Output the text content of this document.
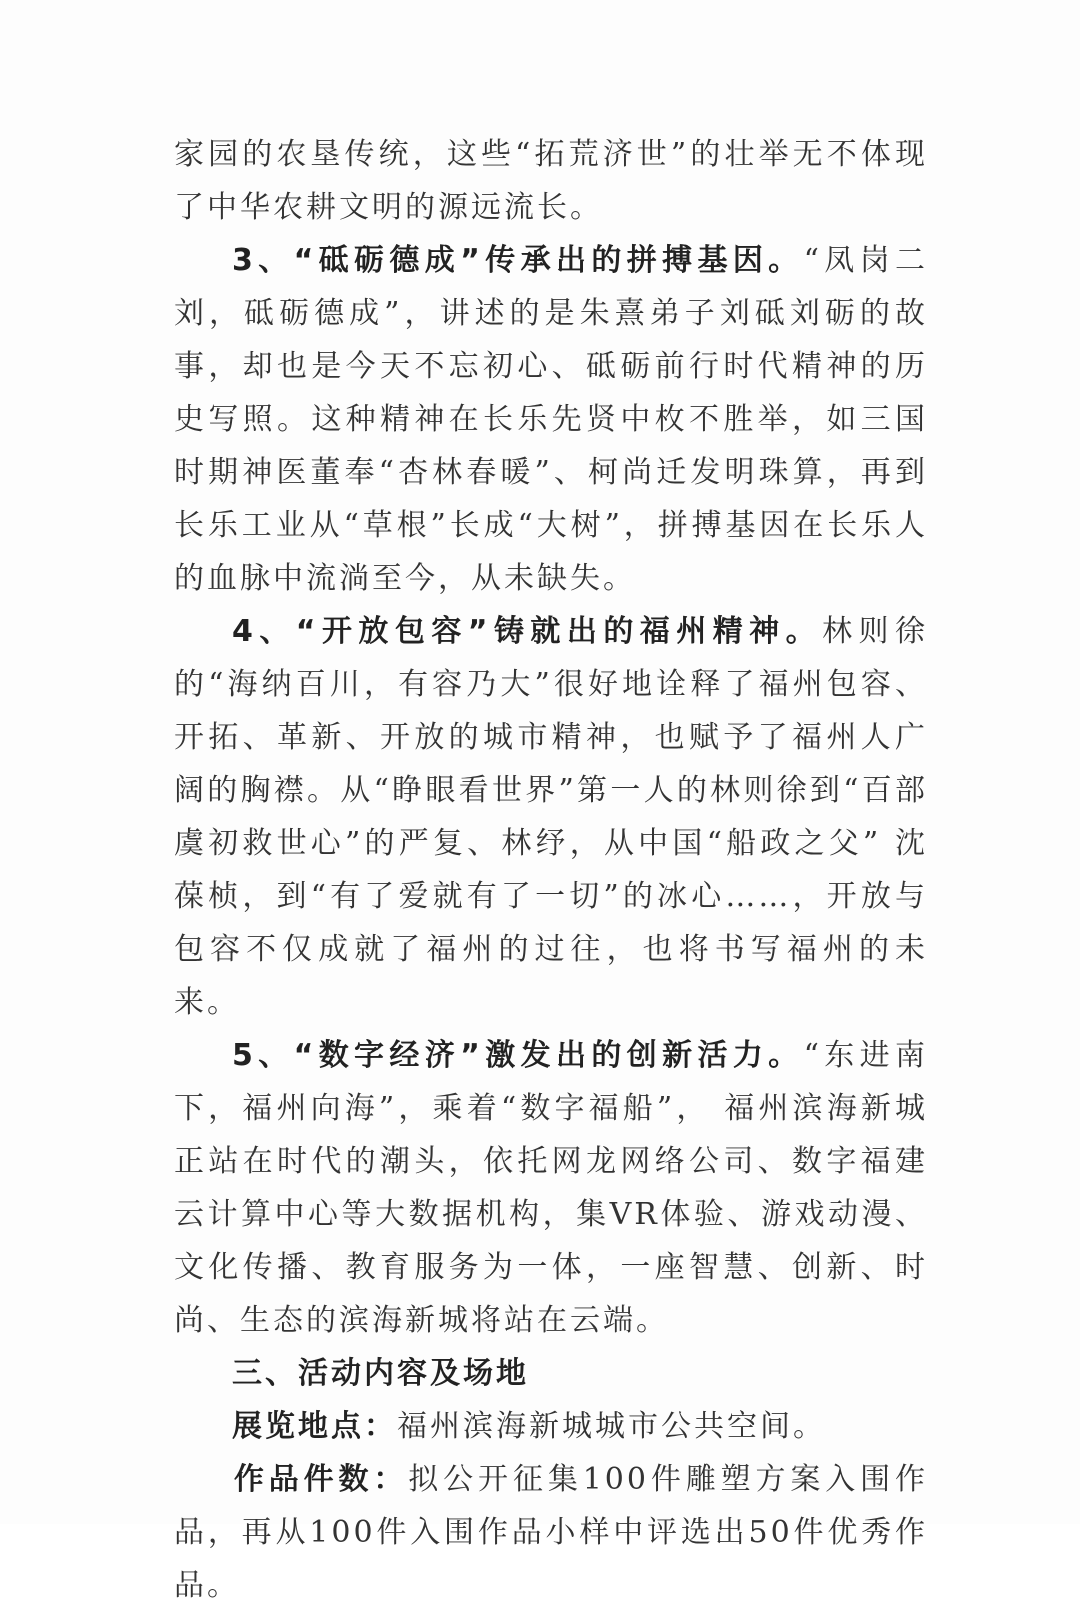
家园的农垦传统，这些“拓荒济世”的壮举无不体现了中华农耕文明的源远流长。

3、“砥砺德成”传承出的拼搏基因。“凤岗二刘，砥砺德成”，讲述的是朱熹弟子刘砥刘砺的故事，却也是今天不忘初心、砥砺前行时代精神的历史写照。这种精神在长乐先贤中枚不胜举，如三国时期神医董奉“杏林春暖”、柯尚迁发明珠算，再到长乐工业从“草根”长成“大树”，拼搏基因在长乐人的血脉中流淌至今，从未缺失。

4、“开放包容”铸就出的福州精神。林则徐的“海纳百川，有容乃大”很好地诠释了福州包容、开拓、革新、开放的城市精神，也赋予了福州人广阔的胸襟。从“睁眼看世界”第一人的林则徐到“百部虞初救世心”的严复、林纾，从中国“船政之父” 沈葆桢，到“有了爱就有了一切”的冰心……，开放与包容不仅成就了福州的过往，也将书写福州的未来。

5、“数字经济”激发出的创新活力。“东进南下，福州向海”，乘着“数字福船”， 福州滨海新城正站在时代的潮头，依托网龙网络公司、数字福建云计算中心等大数据机构，集VR体验、游戏动漫、文化传播、教育服务为一体，一座智慧、创新、时尚、生态的滨海新城将站在云端。

三、活动内容及场地

展览地点：福州滨海新城城市公共空间。

作品件数：拟公开征集100件雕塑方案入围作品，再从100件入围作品小样中评选出50件优秀作品。
